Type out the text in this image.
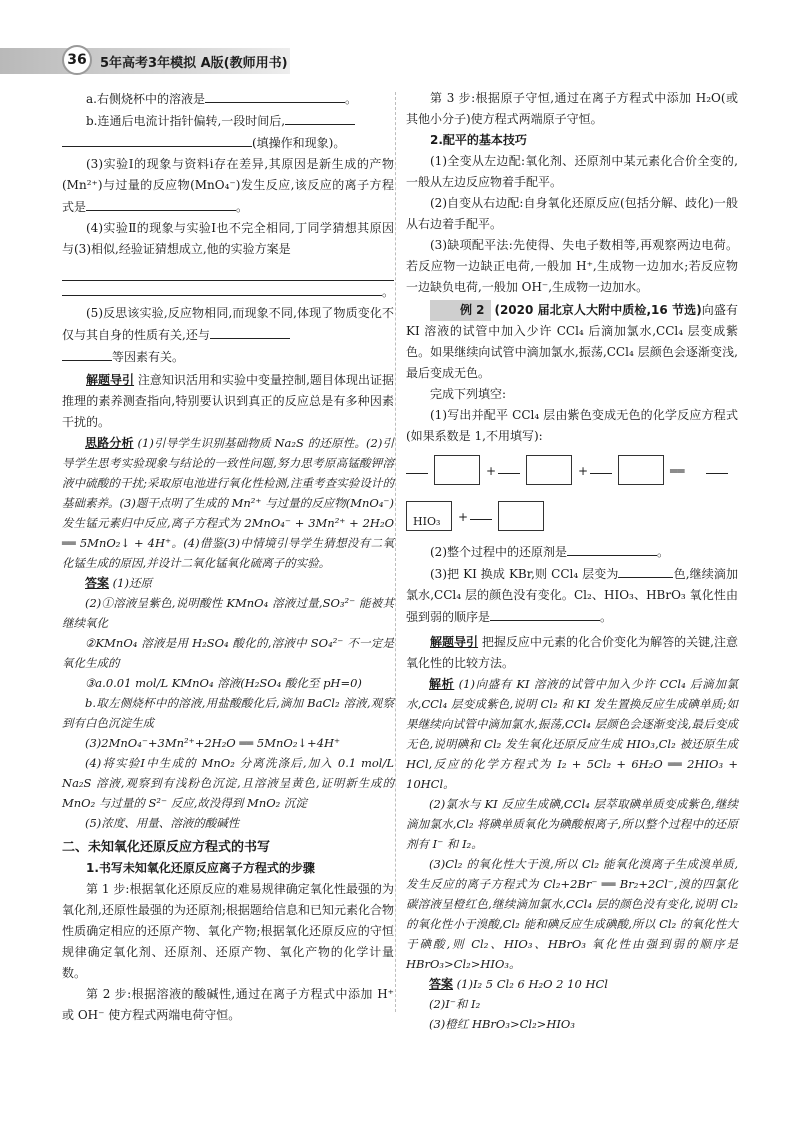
36	5年高考3年模拟 A版(教师用书)

a.右侧烧杯中的溶液是	。

b.连通后电流计指针偏转,一段时间后,

(填操作和现象)。

(3)实验Ⅰ的现象与资料ⅰ存在差异,其原因是新生成的产物(Mn²⁺)与过量的反应物(MnO₄⁻)发生反应,该反应的离子方程式是	。

(4)实验Ⅱ的现象与实验Ⅰ也不完全相同,丁同学猜想其原因与(3)相似,经验证猜想成立,他的实验方案是

。

(5)反思该实验,反应物相同,而现象不同,体现了物质变化不仅与其自身的性质有关,还与

等因素有关。

解题导引 注意知识活用和实验中变量控制,题目体现出证据推理的素养测查指向,特别要认识到真正的反应总是有多种因素干扰的。

思路分析 (1)引导学生识别基础物质 Na₂S 的还原性。(2)引导学生思考实验现象与结论的一致性问题,努力思考原高锰酸钾溶液中硫酸的干扰;采取原电池进行氧化性检测,注重考查实验设计的基础素养。(3)题干点明了生成的 Mn²⁺ 与过量的反应物(MnO₄⁻)发生锰元素归中反应,离子方程式为 2MnO₄⁻ + 3Mn²⁺ + 2H₂O ══ 5MnO₂↓ + 4H⁺。(4)借鉴(3)中情境引导学生猜想没有二氧化锰生成的原因,并设计二氧化锰氧化硫离子的实验。

答案 (1)还原

(2)①溶液呈紫色,说明酸性 KMnO₄ 溶液过量,SO₃²⁻ 能被其继续氧化

②KMnO₄ 溶液是用 H₂SO₄ 酸化的,溶液中 SO₄²⁻ 不一定是氧化生成的

③a.0.01 mol/L KMnO₄ 溶液(H₂SO₄ 酸化至 pH=0)

b.取左侧烧杯中的溶液,用盐酸酸化后,滴加 BaCl₂ 溶液,观察到有白色沉淀生成

(3)2MnO₄⁻+3Mn²⁺+2H₂O ══ 5MnO₂↓+4H⁺

(4)将实验Ⅰ中生成的 MnO₂ 分离洗涤后,加入 0.1 mol/L Na₂S 溶液,观察到有浅粉色沉淀,且溶液呈黄色,证明新生成的 MnO₂ 与过量的 S²⁻ 反应,故没得到 MnO₂ 沉淀

(5)浓度、用量、溶液的酸碱性

二、未知氧化还原反应方程式的书写

1.书写未知氧化还原反应离子方程式的步骤

第 1 步:根据氧化还原反应的难易规律确定氧化性最强的为氧化剂,还原性最强的为还原剂;根据题给信息和已知元素化合物性质确定相应的还原产物、氧化产物;根据氧化还原反应的守恒规律确定氧化剂、还原剂、还原产物、氧化产物的化学计量数。

第 2 步:根据溶液的酸碱性,通过在离子方程式中添加 H⁺ 或 OH⁻ 使方程式两端电荷守恒。

第 3 步:根据原子守恒,通过在离子方程式中添加 H₂O(或其他小分子)使方程式两端原子守恒。

2.配平的基本技巧

(1)全变从左边配:氧化剂、还原剂中某元素化合价全变的,一般从左边反应物着手配平。

(2)自变从右边配:自身氧化还原反应(包括分解、歧化)一般从右边着手配平。

(3)缺项配平法:先使得、失电子数相等,再观察两边电荷。若反应物一边缺正电荷,一般加 H⁺,生成物一边加水;若反应物一边缺负电荷,一般加 OH⁻,生成物一边加水。

例 2 (2020 届北京人大附中质检,16 节选)向盛有 KI 溶液的试管中加入少许 CCl₄ 后滴加氯水,CCl₄ 层变成紫色。如果继续向试管中滴加氯水,振荡,CCl₄ 层颜色会逐渐变浅,最后变成无色。

完成下列填空:

(1)写出并配平 CCl₄ 层由紫色变成无色的化学反应方程式(如果系数是 1,不用填写):

+	+	══
HIO₃ +

(2)整个过程中的还原剂是	。

(3)把 KI 换成 KBr,则 CCl₄ 层变为	色,继续滴加氯水,CCl₄ 层的颜色没有变化。Cl₂、HIO₃、HBrO₃ 氧化性由强到弱的顺序是	。

解题导引 把握反应中元素的化合价变化为解答的关键,注意氧化性的比较方法。

解析 (1)向盛有 KI 溶液的试管中加入少许 CCl₄ 后滴加氯水,CCl₄ 层变成紫色,说明 Cl₂ 和 KI 发生置换反应生成碘单质;如果继续向试管中滴加氯水,振荡,CCl₄ 层颜色会逐渐变浅,最后变成无色,说明碘和 Cl₂ 发生氧化还原反应生成 HIO₃,Cl₂ 被还原生成 HCl,反应的化学方程式为 I₂ + 5Cl₂ + 6H₂O ══ 2HIO₃ + 10HCl。

(2)氯水与 KI 反应生成碘,CCl₄ 层萃取碘单质变成紫色,继续滴加氯水,Cl₂ 将碘单质氧化为碘酸根离子,所以整个过程中的还原剂有 I⁻ 和 I₂。

(3)Cl₂ 的氧化性大于溴,所以 Cl₂ 能氧化溴离子生成溴单质,发生反应的离子方程式为 Cl₂+2Br⁻ ══ Br₂+2Cl⁻,溴的四氯化碳溶液呈橙红色,继续滴加氯水,CCl₄ 层的颜色没有变化,说明 Cl₂ 的氧化性小于溴酸,Cl₂ 能和碘反应生成碘酸,所以 Cl₂ 的氧化性大于碘酸,则 Cl₂、HIO₃、HBrO₃ 氧化性由强到弱的顺序是 HBrO₃>Cl₂>HIO₃。

答案 (1)I₂ 5 Cl₂ 6 H₂O 2 10 HCl

(2)I⁻和 I₂

(3)橙红 HBrO₃>Cl₂>HIO₃
